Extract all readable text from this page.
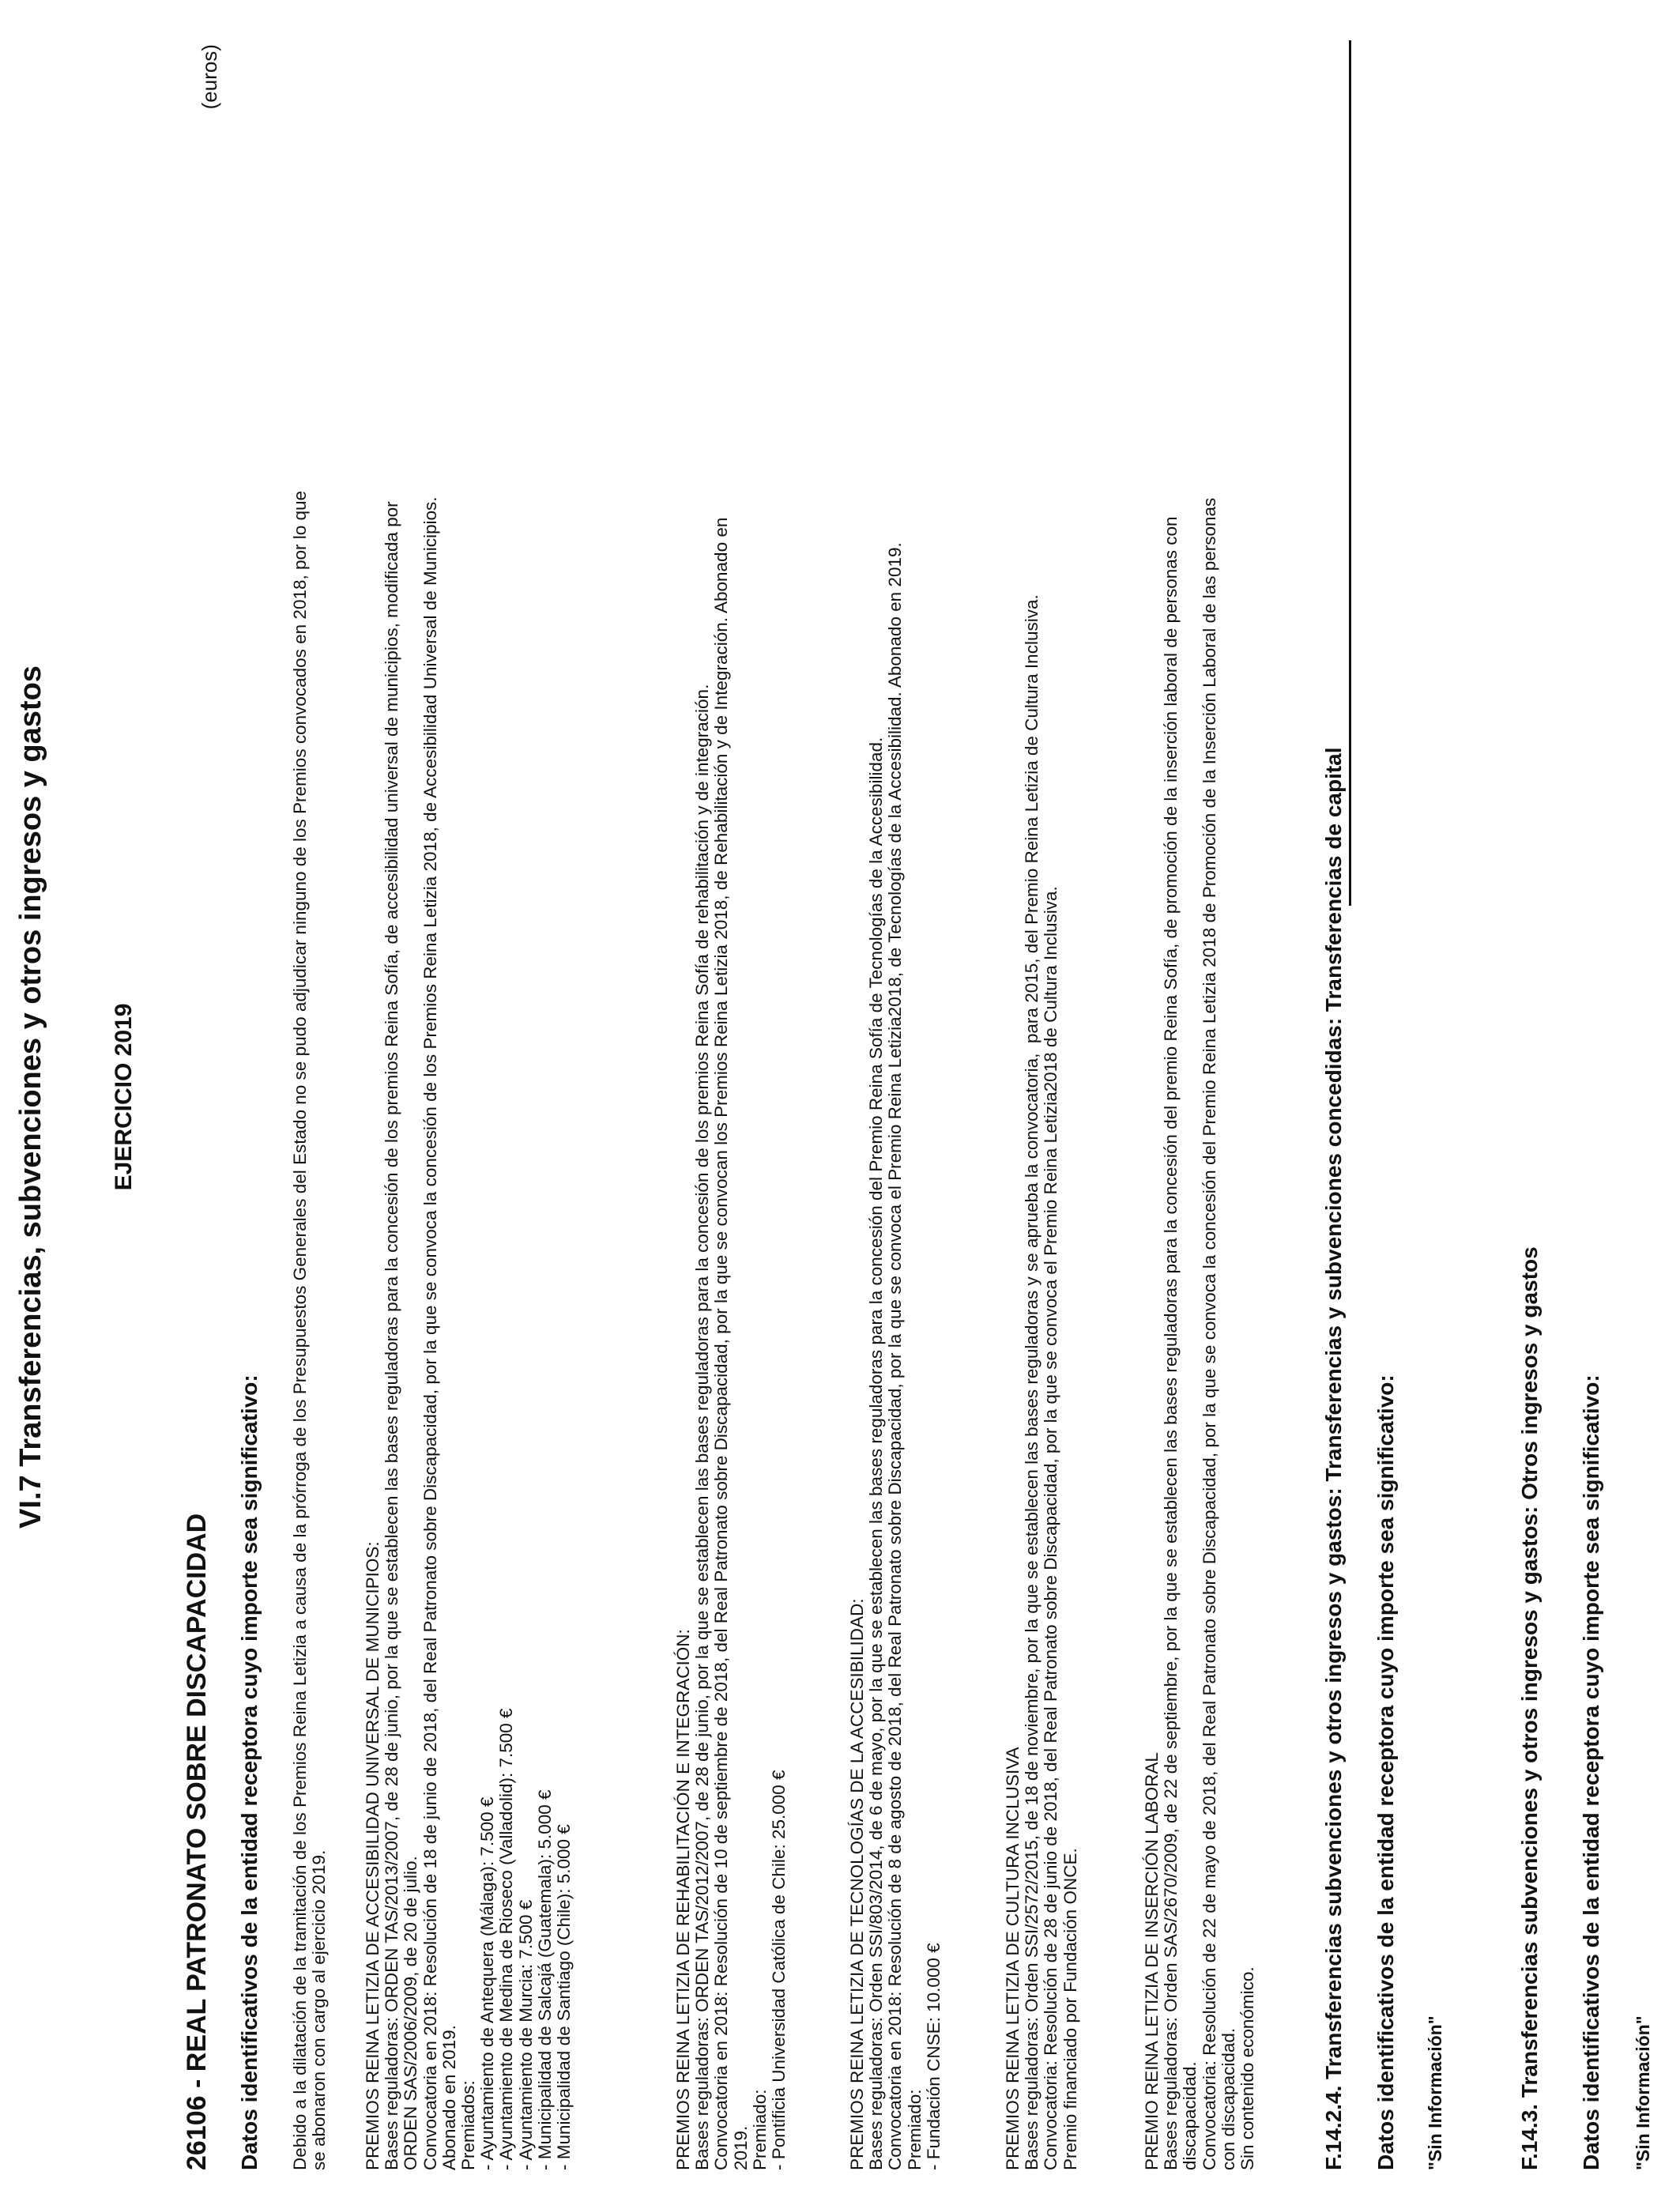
VI.7 Transferencias, subvenciones y otros ingresos y gastos	EJERCICIO 2019
(euros)
26106 - REAL PATRONATO SOBRE DISCAPACIDAD Datos identificativos de la entidad receptora cuyo importe sea significativo: Debido a la dilatación de la tramitación de los Premios Reina Letizia a causa de la prórroga de los Presupuestos Generales del Estado no se pudo adjudicar ninguno de los Premios convocados en 2018, por lo que se abonaron con cargo al ejercicio 2019. PREMIOS REINA LETIZIA DE ACCESIBILIDAD UNIVERSAL DE MUNICIPIOS: Bases reguladoras: ORDEN TAS/2013/2007, de 28 de junio, por la que se establecen las bases reguladoras para la concesión de los premios Reina Sofía, de accesibilidad universal de municipios, modificada por ORDEN SAS/2006/2009, de 20 de julio. Convocatoria en 2018: Resolución de 18 de junio de 2018, del Real Patronato sobre Discapacidad, por la que se convoca la concesión de los Premios Reina Letizia 2018, de Accesibilidad Universal de Municipios. Abonado en 2019. Premiados: - Ayuntamiento de Antequera (Málaga): 7.500 € - Ayuntamiento de Medina de Rioseco (Valladolid): 7.500 € - Ayuntamiento de Murcia: 7.500 € - Municipalidad de Salcajá (Guatemala): 5.000 € - Municipalidad de Santiago (Chile): 5.000 €	PREMIOS REINA LETIZIA DE REHABILITACIÓN E INTEGRACIÓN: Bases reguladoras: ORDEN TAS/2012/2007, de 28 de junio, por la que se establecen las bases reguladoras para la concesión de los premios Reina Sofía de rehabilitación y de integración. Convocatoria en 2018: Resolución de 10 de septiembre de 2018, del Real Patronato sobre Discapacidad, por la que se convocan los Premios Reina Letizia 2018, de Rehabilitación y de Integración. Abonado en 2019. Premiado: - Pontificia Universidad Católica de Chile: 25.000 €	PREMIOS REINA LETIZIA DE TECNOLOGÍAS DE LA ACCESIBILIDAD: Bases reguladoras: Orden SSI/803/2014, de 6 de mayo, por la que se establecen las bases reguladoras para la concesión del Premio Reina Sofía de Tecnologías de la Accesibilidad. Convocatoria en 2018: Resolución de 8 de agosto de 2018, del Real Patronato sobre Discapacidad, por la que se convoca el Premio Reina Letizia2018, de Tecnologías de la Accesibilidad. Abonado en 2019. Premiado: - Fundación CNSE: 10.000 €	PREMIOS REINA LETIZIA DE CULTURA INCLUSIVA Bases reguladoras: Orden SSI/2572/2015, de 18 de noviembre, por la que se establecen las bases reguladoras y se aprueba la convocatoria,  para 2015, del Premio Reina Letizia de Cultura Inclusiva. Convocatoria: Resolución de 28 de junio de 2018, del Real Patronato sobre Discapacidad, por la que se convoca el Premio Reina Letizia2018 de Cultura Inclusiva. Premio financiado por Fundación ONCE.	PREMIO REINA LETIZIA DE INSERCIÓN LABORAL Bases reguladoras: Orden SAS/2670/2009, de 22 de septiembre, por la que se establecen las bases reguladoras para la concesión del premio Reina Sofía, de promoción de la inserción laboral de personas con discapacidad. Convocatoria: Resolución de 22 de mayo de 2018, del Real Patronato sobre Discapacidad, por la que se convoca la concesión del Premio Reina Letizia 2018 de Promoción de la Inserción Laboral de las personas con discapacidad. Sin contenido económico.	F.14.2.4. Transferencias subvenciones y otros ingresos y gastos: Transferencias y subvenciones concedidas: Transferencias de capital Datos identificativos de la entidad receptora cuyo importe sea significativo: "Sin Información"	F.14.3. Transferencias subvenciones y otros ingresos y gastos: Otros ingresos y gastos Datos identificativos de la entidad receptora cuyo importe sea significativo: "Sin Información"
